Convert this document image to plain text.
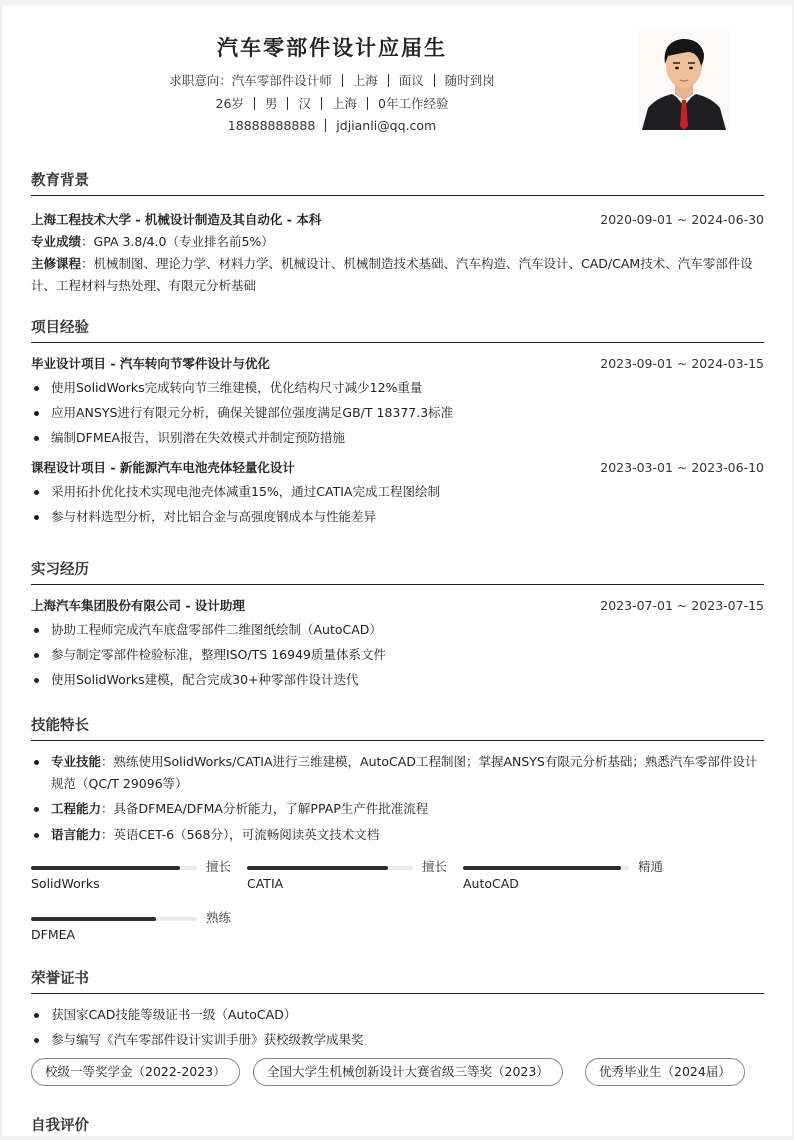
汽车零部件设计应届生
求职意向：汽车零部件设计师 上海 面议 随时到岗
26岁 男 汉 上海 0年工作经验
18888888888 jdjianli@qq.com
教育背景
上海工程技术大学 - 机械设计制造及其自动化 - 本科	2020-09-01 ~ 2024-06-30
专业成绩：GPA 3.8/4.0（专业排名前5%）
主修课程：机械制图、理论力学、材料力学、机械设计、机械制造技术基础、汽车构造、汽车设计、CAD/CAM技术、汽车零部件设计、工程材料与热处理、有限元分析基础
项目经验
毕业设计项目 - 汽车转向节零件设计与优化	2023-09-01 ~ 2024-03-15
使用SolidWorks完成转向节三维建模，优化结构尺寸减少12%重量
应用ANSYS进行有限元分析，确保关键部位强度满足GB/T 18377.3标准
编制DFMEA报告，识别潜在失效模式并制定预防措施
课程设计项目 - 新能源汽车电池壳体轻量化设计	2023-03-01 ~ 2023-06-10
采用拓扑优化技术实现电池壳体减重15%，通过CATIA完成工程图绘制
参与材料选型分析，对比铝合金与高强度钢成本与性能差异
实习经历
上海汽车集团股份有限公司 - 设计助理	2023-07-01 ~ 2023-07-15
协助工程师完成汽车底盘零部件二维图纸绘制（AutoCAD）
参与制定零部件检验标准，整理ISO/TS 16949质量体系文件
使用SolidWorks建模，配合完成30+种零部件设计迭代
技能特长
专业技能：熟练使用SolidWorks/CATIA进行三维建模，AutoCAD工程制图；掌握ANSYS有限元分析基础；熟悉汽车零部件设计规范（QC/T 29096等）
工程能力：具备DFMEA/DFMA分析能力，了解PPAP生产件批准流程
语言能力：英语CET-6（568分），可流畅阅读英文技术文档
擅长
SolidWorks
擅长
CATIA
精通
AutoCAD
熟练
DFMEA
荣誉证书
获国家CAD技能等级证书一级（AutoCAD）
参与编写《汽车零部件设计实训手册》获校级教学成果奖
校级一等奖学金（2022-2023）	全国大学生机械创新设计大赛省级三等奖（2023）	优秀毕业生（2024届）
自我评价
